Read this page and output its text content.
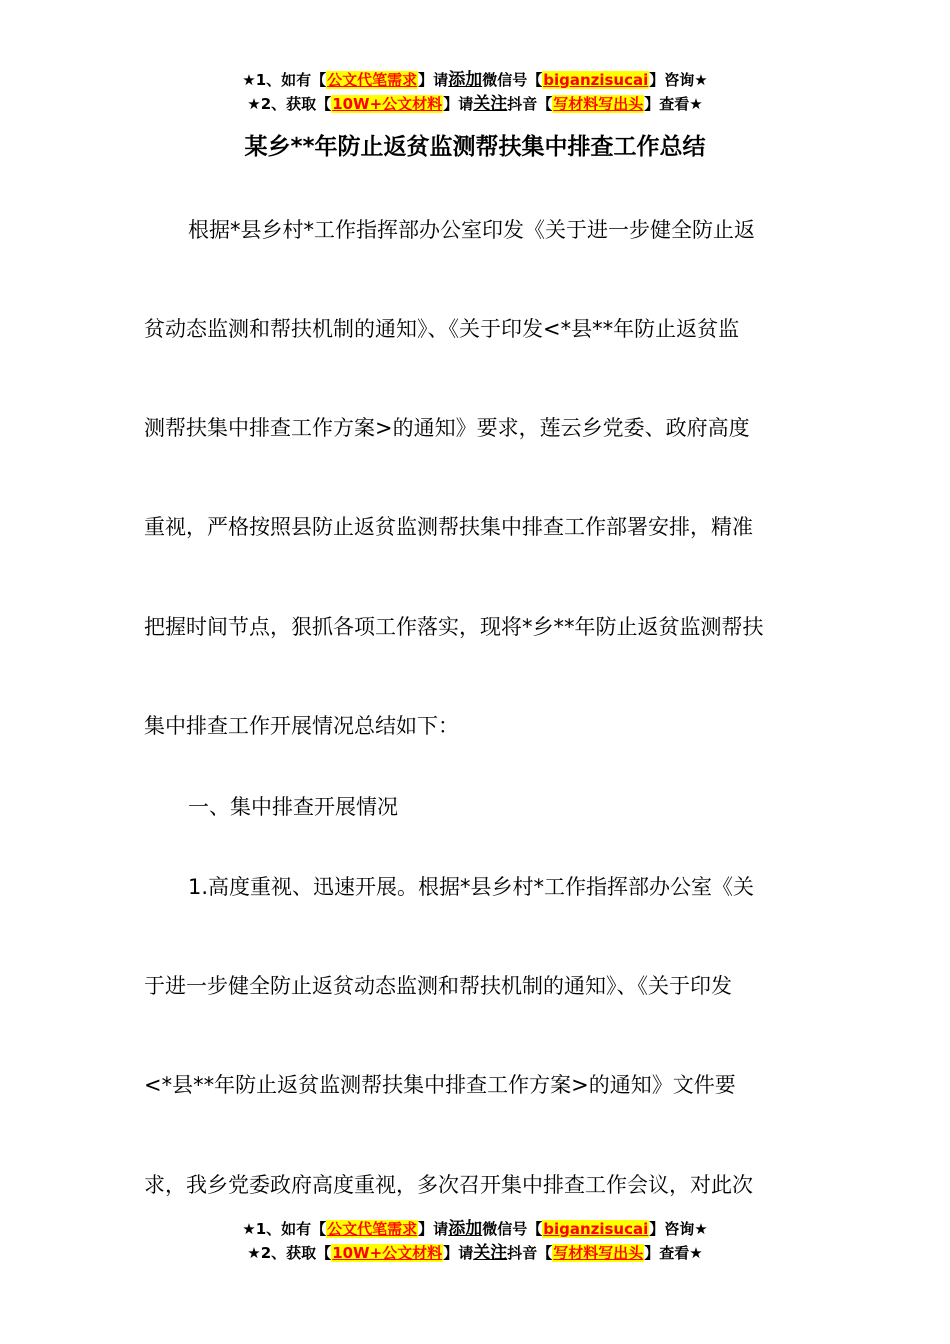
★1、如有【公文代笔需求】请添加微信号【biganzisucai】咨询★
★2、获取【10W+公文材料】请关注抖音【写材料写出头】查看★
某乡**年防止返贫监测帮扶集中排查工作总结
根据*县乡村*工作指挥部办公室印发《关于进一步健全防止返
贫动态监测和帮扶机制的通知》、《关于印发<*县**年防止返贫监
测帮扶集中排查工作方案>的通知》要求，莲云乡党委、政府高度
重视，严格按照县防止返贫监测帮扶集中排查工作部署安排，精准
把握时间节点，狠抓各项工作落实，现将*乡**年防止返贫监测帮扶
集中排查工作开展情况总结如下：
一、集中排查开展情况
1.高度重视、迅速开展。根据*县乡村*工作指挥部办公室《关
于进一步健全防止返贫动态监测和帮扶机制的通知》、《关于印发
<*县**年防止返贫监测帮扶集中排查工作方案>的通知》文件要
求，我乡党委政府高度重视，多次召开集中排查工作会议，对此次
★1、如有【公文代笔需求】请添加微信号【biganzisucai】咨询★
★2、获取【10W+公文材料】请关注抖音【写材料写出头】查看★
